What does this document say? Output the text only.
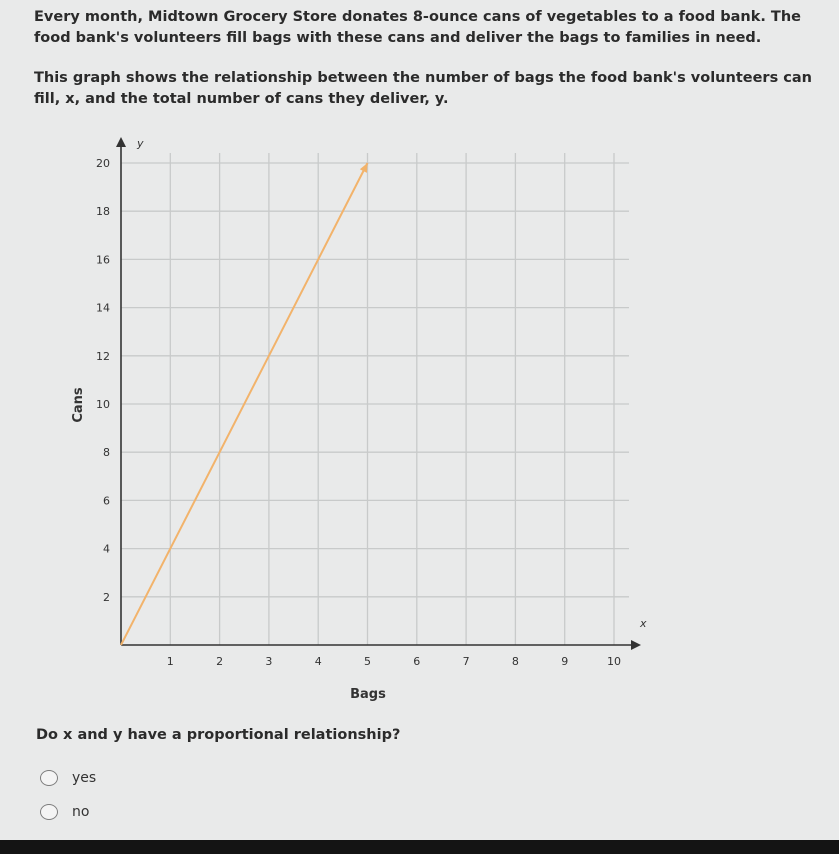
Every month, Midtown Grocery Store donates 8-ounce cans of vegetables to a food bank. The food bank's volunteers fill bags with these cans and deliver the bags to families in need.

This graph shows the relationship between the number of bags the food bank's volunteers can fill, x, and the total number of cans they deliver, y.

y
x
1	2	3	4	5	6	7	8	9	10
2
4
6
8
10
12
14
16
18
20
Bags
Cans
Do x and y have a proportional relationship?
yes
no
